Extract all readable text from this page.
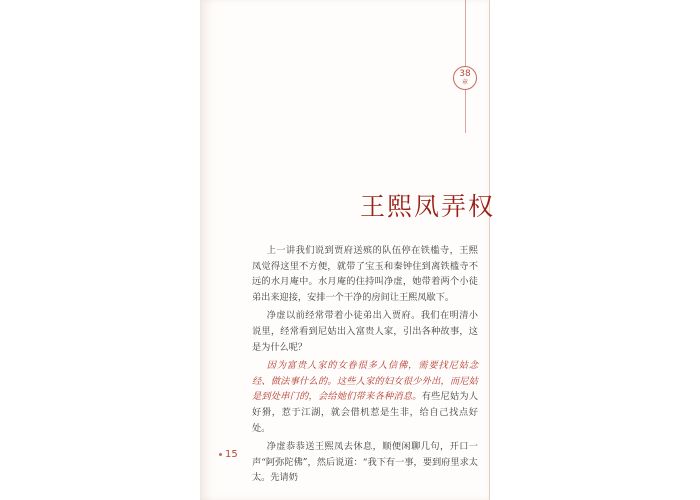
38
章
王熙凤弄权

上一讲我们说到贾府送殡的队伍停在铁槛寺，王熙凤觉得这里不方便，就带了宝玉和秦钟住到离铁槛寺不远的水月庵中。水月庵的住持叫净虚，她带着两个小徒弟出来迎接，安排一个干净的房间让王熙凤歇下。

净虚以前经常带着小徒弟出入贾府。我们在明清小说里，经常看到尼姑出入富贵人家，引出各种故事，这是为什么呢？

因为富贵人家的女眷很多人信佛，需要找尼姑念经、做法事什么的。这些人家的妇女很少外出，而尼姑是到处串门的，会给她们带来各种消息。有些尼姑为人好猾，惹于江湖，就会借机惹是生非，给自己找点好处。

净虚恭恭送王熙凤去休息，顺便闲聊几句，开口一声“阿弥陀佛”，然后说道：“我下有一事，要到府里求太太。先请奶

15
